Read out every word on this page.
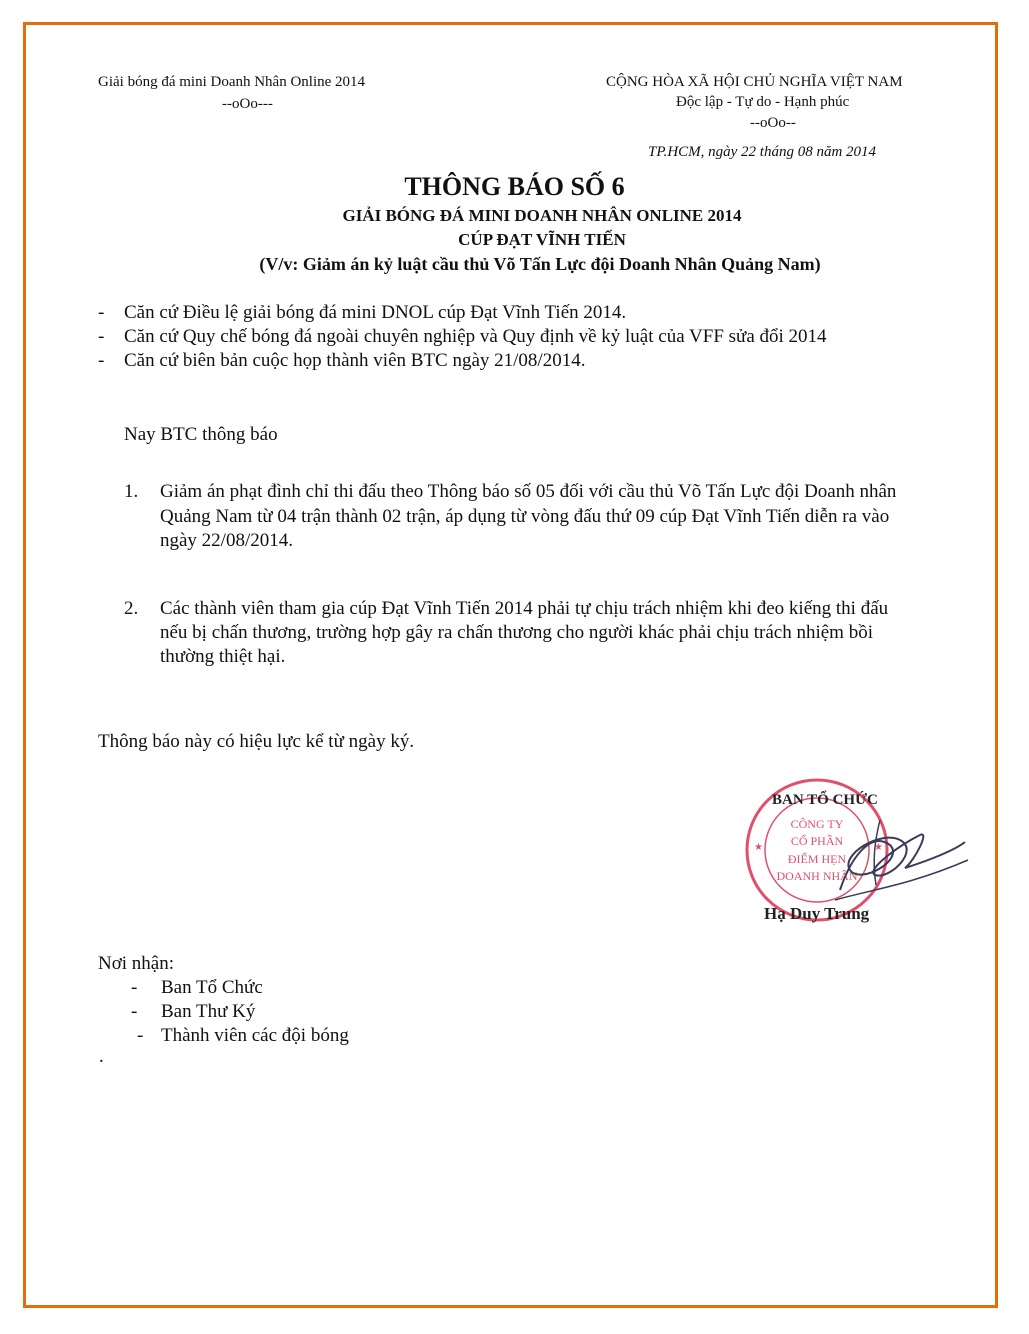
Giải bóng đá mini Doanh Nhân Online 2014
--oOo---
CỘNG HÒA XÃ HỘI CHỦ NGHĨA VIỆT NAM
Độc lập - Tự do - Hạnh phúc
--oOo--
TP.HCM, ngày 22 tháng 08 năm 2014
THÔNG BÁO SỐ 6
GIẢI BÓNG ĐÁ MINI DOANH NHÂN ONLINE 2014
CÚP ĐẠT VĨNH TIẾN
(V/v: Giảm án kỷ luật cầu thủ Võ Tấn Lực đội Doanh Nhân Quảng Nam)
- Căn cứ Điều lệ giải bóng đá mini DNOL cúp Đạt Vĩnh Tiến 2014.
- Căn cứ Quy chế bóng đá ngoài chuyên nghiệp và Quy định về kỷ luật của VFF sửa đổi 2014
- Căn cứ biên bản cuộc họp thành viên BTC ngày 21/08/2014.
Nay BTC thông báo
1. Giảm án phạt đình chỉ thi đấu theo Thông báo số 05 đối với cầu thủ Võ Tấn Lực đội Doanh nhân
Quảng Nam từ 04 trận thành 02 trận, áp dụng từ vòng đấu thứ 09 cúp Đạt Vĩnh Tiến diễn ra vào
ngày 22/08/2014.
2. Các thành viên tham gia cúp Đạt Vĩnh Tiến 2014 phải tự chịu trách nhiệm khi đeo kiếng thi đấu
nếu bị chấn thương, trường hợp gây ra chấn thương cho người khác phải chịu trách nhiệm bồi
thường thiệt hại.
Thông báo này có hiệu lực kể từ ngày ký.
CÔNG TY
CỔ PHẦN
ĐIỂM HẸN
DOANH NHÂN
★	★
BAN TỔ CHỨC
Hạ Duy Trung
Nơi nhận:
- Ban Tổ Chức
- Ban Thư Ký
- Thành viên các đội bóng
.
